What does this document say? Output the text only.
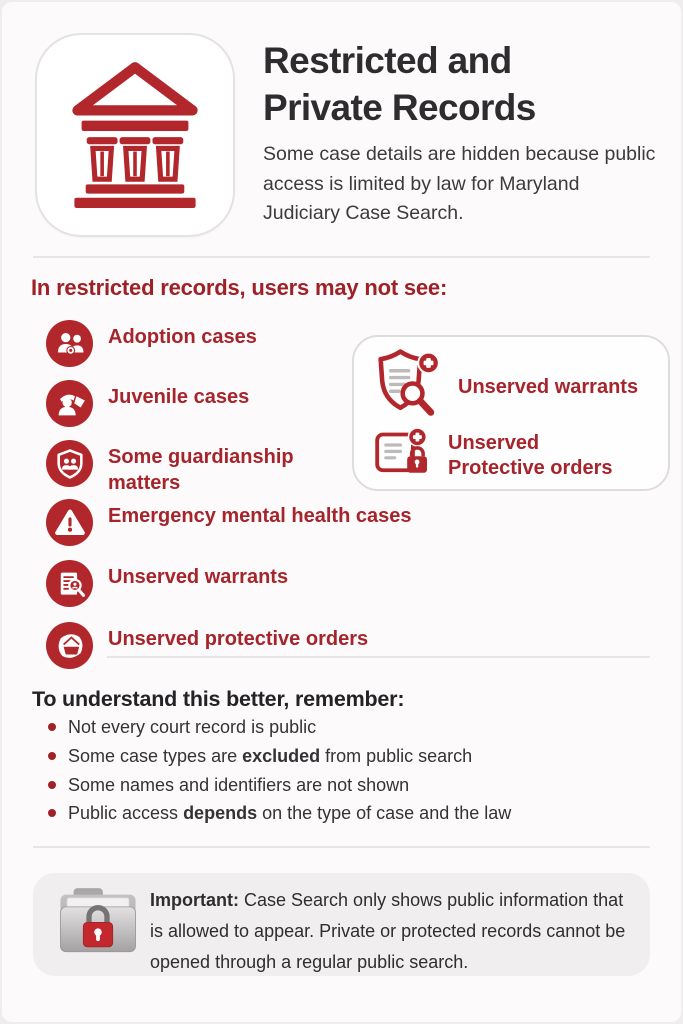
Restricted and Private Records
Some case details are hidden because public access is limited by law for Maryland Judiciary Case Search.
In restricted records, users may not see:
Adoption cases
Juvenile cases
Some guardianship matters
Emergency mental health cases
Unserved warrants
Unserved protective orders
Unserved warrants
Unserved Protective orders
To understand this better, remember:
Not every court record is public
Some case types are excluded from public search
Some names and identifiers are not shown
Public access depends on the type of case and the law
Important: Case Search only shows public information that is allowed to appear. Private or protected records cannot be opened through a regular public search.
